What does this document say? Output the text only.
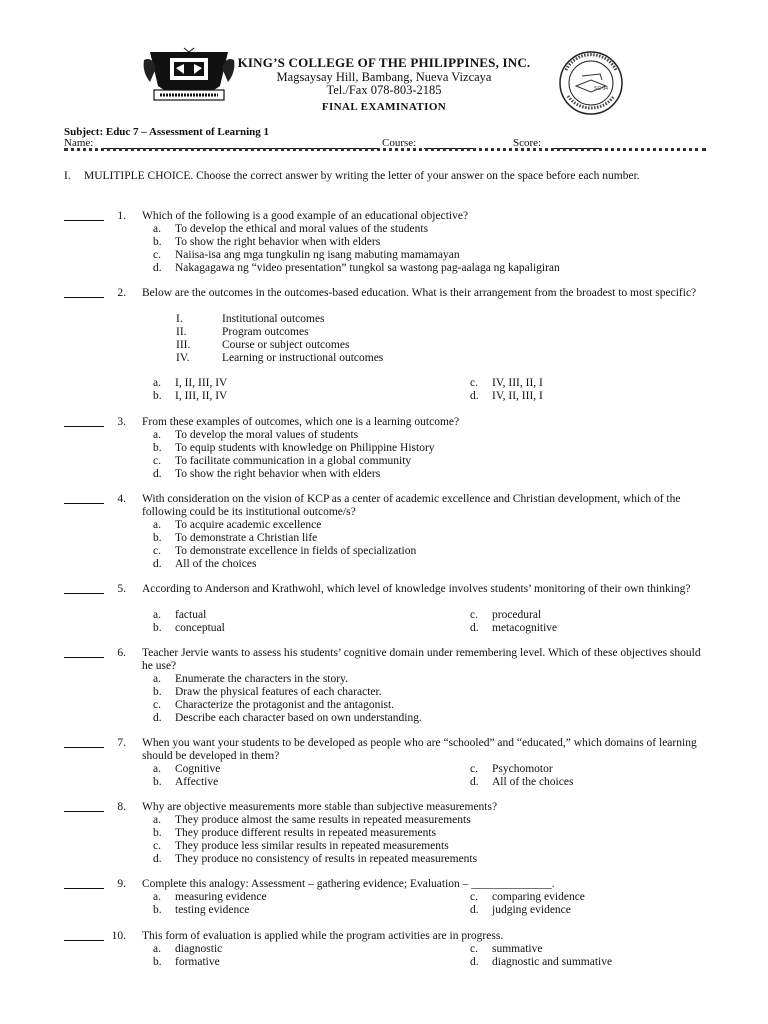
SC 04
KING’S COLLEGE OF THE PHILIPPINES, INC.
Magsaysay Hill, Bambang, Nueva Vizcaya
Tel./Fax 078-803-2185
FINAL EXAMINATION
Subject: Educ 7 – Assessment of Learning 1
Name:	Course:	Score:
I. MULITIPLE CHOICE. Choose the correct answer by writing the letter of your answer on the space before each number.
1. Which of the following is a good example of an educational objective?
a. To develop the ethical and moral values of the students
b. To show the right behavior when with elders
c. Naiisa-isa ang mga tungkulin ng isang mabuting mamamayan
d. Nakagagawa ng “video presentation” tungkol sa wastong pag-aalaga ng kapaligiran
2. Below are the outcomes in the outcomes-based education. What is their arrangement from the broadest to most specific?
I.	Institutional outcomes
II.	Program outcomes
III.	Course or subject outcomes
IV.	Learning or instructional outcomes
a. I, II, III, IV
b. I, III, II, IV
c. IV, III, II, I
d. IV, II, III, I
3. From these examples of outcomes, which one is a learning outcome?
a. To develop the moral values of students
b. To equip students with knowledge on Philippine History
c. To facilitate communication in a global community
d. To show the right behavior when with elders
4. With consideration on the vision of KCP as a center of academic excellence and Christian development, which of the following could be its institutional outcome/s?
a. To acquire academic excellence
b. To demonstrate a Christian life
c. To demonstrate excellence in fields of specialization
d. All of the choices
5. According to Anderson and Krathwohl, which level of knowledge involves students’ monitoring of their own thinking?
a. factual
b. conceptual
c. procedural
d. metacognitive
6. Teacher Jervie wants to assess his students’ cognitive domain under remembering level. Which of these objectives should he use?
a. Enumerate the characters in the story.
b. Draw the physical features of each character.
c. Characterize the protagonist and the antagonist.
d. Describe each character based on own understanding.
7. When you want your students to be developed as people who are “schooled” and “educated,” which domains of learning should be developed in them?
a. Cognitive
b. Affective
c. Psychomotor
d. All of the choices
8. Why are objective measurements more stable than subjective measurements?
a. They produce almost the same results in repeated measurements
b. They produce different results in repeated measurements
c. They produce less similar results in repeated measurements
d. They produce no consistency of results in repeated measurements
9. Complete this analogy: Assessment – gathering evidence; Evaluation – ______________.
a. measuring evidence
b. testing evidence
c. comparing evidence
d. judging evidence
10. This form of evaluation is applied while the program activities are in progress.
a. diagnostic
b. formative
c. summative
d. diagnostic and summative
